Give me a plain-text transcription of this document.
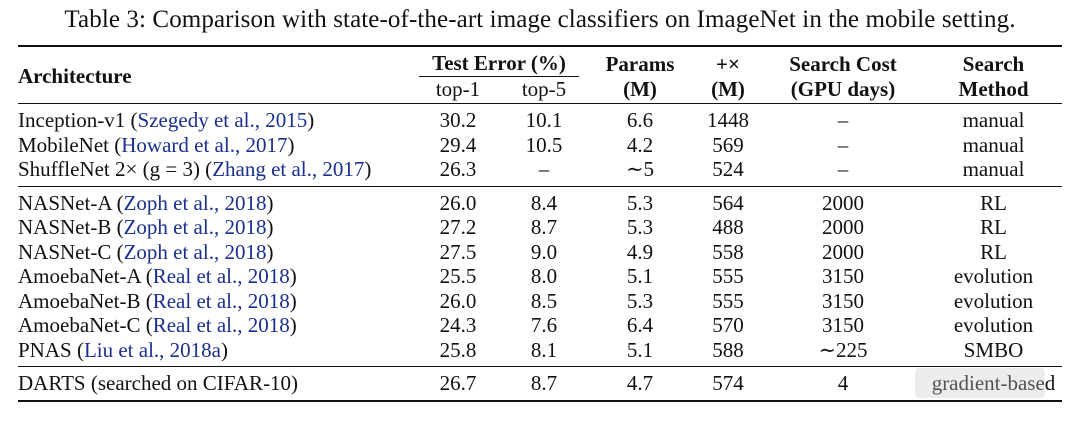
Table 3: Comparison with state-of-the-art image classifiers on ImageNet in the mobile setting.
Architecture	Test Error (%)		Params	+×	Search Cost	Search
	top-1	top-5	(M)	(M)	(GPU days)	Method
Inception-v1 (Szegedy et al., 2015)	30.2	10.1	6.6	1448	–	manual
MobileNet (Howard et al., 2017)	29.4	10.5	4.2	569	–	manual
ShuffleNet 2× (g = 3) (Zhang et al., 2017)	26.3	–	∼5	524	–	manual
NASNet-A (Zoph et al., 2018)	26.0	8.4	5.3	564	2000	RL
NASNet-B (Zoph et al., 2018)	27.2	8.7	5.3	488	2000	RL
NASNet-C (Zoph et al., 2018)	27.5	9.0	4.9	558	2000	RL
AmoebaNet-A (Real et al., 2018)	25.5	8.0	5.1	555	3150	evolution
AmoebaNet-B (Real et al., 2018)	26.0	8.5	5.3	555	3150	evolution
AmoebaNet-C (Real et al., 2018)	24.3	7.6	6.4	570	3150	evolution
PNAS (Liu et al., 2018a)	25.8	8.1	5.1	588	∼225	SMBO
DARTS (searched on CIFAR-10)	26.7	8.7	4.7	574	4	gradient-based
